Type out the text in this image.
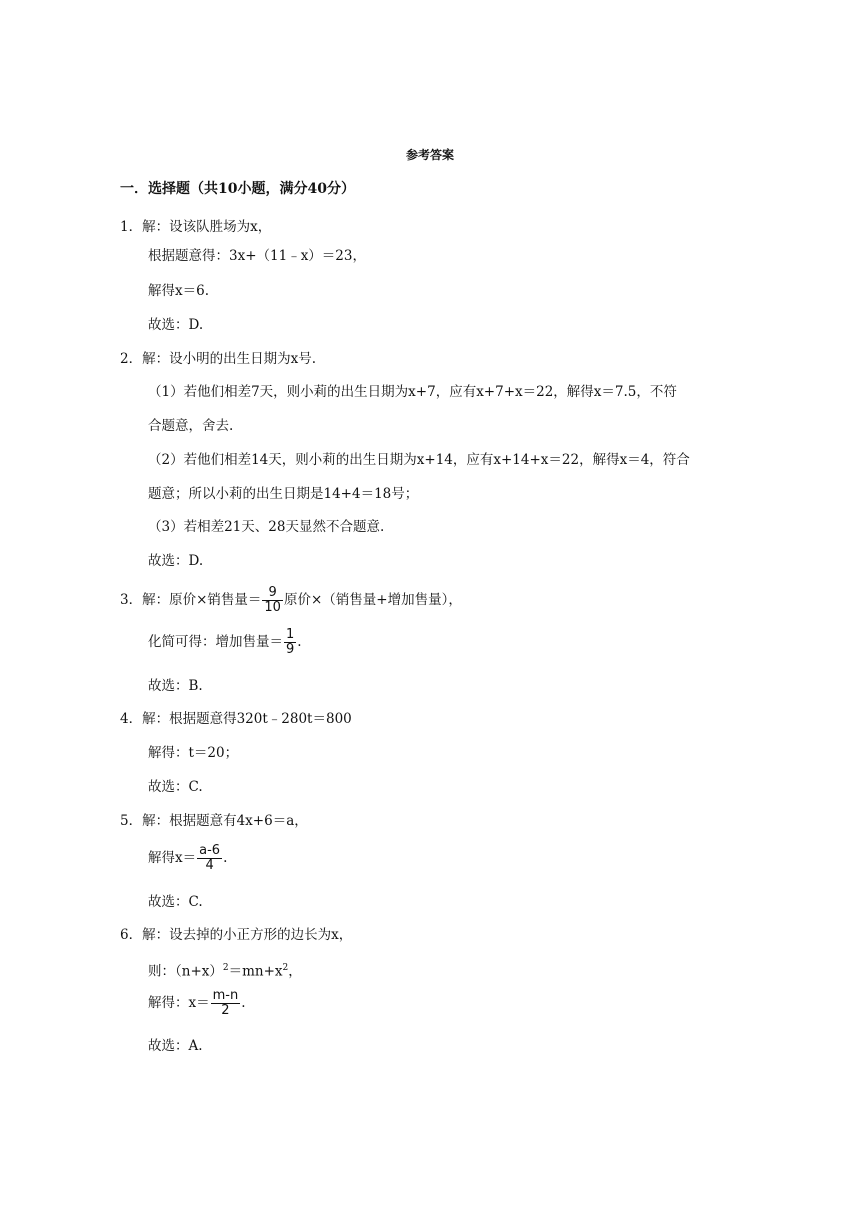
参考答案
一．选择题（共10小题，满分40分）
1．解：设该队胜场为x，
根据题意得：3x+（11﹣x）＝23，
解得x＝6.
故选：D.
2．解：设小明的出生日期为x号.
（1）若他们相差7天，则小莉的出生日期为x+7，应有x+7+x＝22，解得x＝7.5，不符
合题意，舍去.
（2）若他们相差14天，则小莉的出生日期为x+14，应有x+14+x＝22，解得x＝4，符合
题意；所以小莉的出生日期是14+4＝18号；
（3）若相差21天、28天显然不合题意.
故选：D.
3．解：原价×销售量＝ $\frac{9}{10}$ 原价×（销售量+增加售量），
化简可得：增加售量＝ $\frac{1}{9}$ .
故选：B.
4．解：根据题意得320t﹣280t＝800
解得：t＝20；
故选：C.
5．解：根据题意有4x+6＝a，
解得$x= \frac{a-6}{4}$ .
故选：C.
6．解：设去掉的小正方形的边长为x，
则：$(n+x)^2=mn+x^2$，
解得：$x= \frac{m-n}{2}$ .
故选：A.
